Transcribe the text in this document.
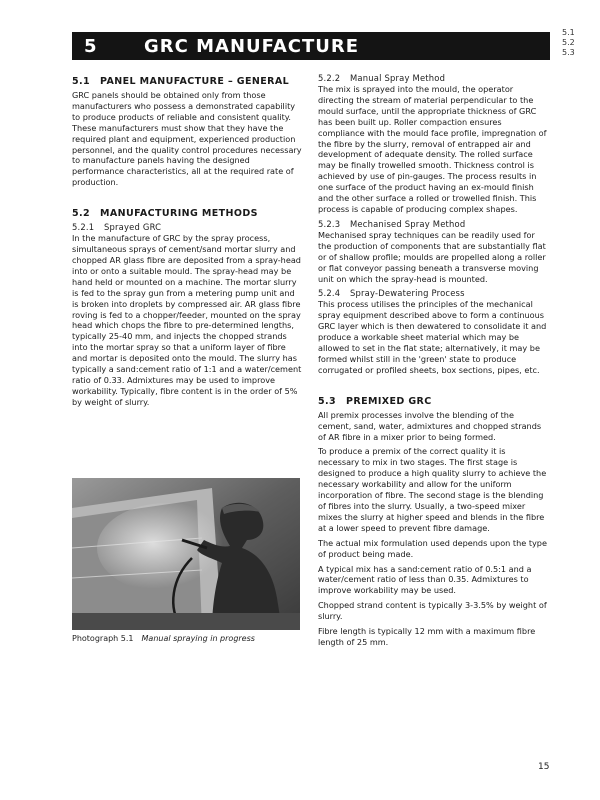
5	GRC MANUFACTURE
5.1
5.2
5.3
5.1 PANEL MANUFACTURE – GENERAL

GRC panels should be obtained only from those manufacturers who possess a demonstrated capability to produce products of reliable and consistent quality. These manufacturers must show that they have the required plant and equipment, experienced production personnel, and the quality control procedures necessary to manufacture panels having the designed performance characteristics, all at the required rate of production.

5.2 MANUFACTURING METHODS
5.2.1 Sprayed GRC

In the manufacture of GRC by the spray process, simultaneous sprays of cement/sand mortar slurry and chopped AR glass fibre are deposited from a spray-head into or onto a suitable mould. The spray-head may be hand held or mounted on a machine. The mortar slurry is fed to the spray gun from a metering pump unit and is broken into droplets by compressed air. AR glass fibre roving is fed to a chopper/feeder, mounted on the spray head which chops the fibre to pre-determined lengths, typically 25-40 mm, and injects the chopped strands into the mortar spray so that a uniform layer of fibre and mortar is deposited onto the mould. The slurry has typically a sand:cement ratio of 1:1 and a water/cement ratio of 0.33. Admixtures may be used to improve workability. Typically, fibre content is in the order of 5% by weight of slurry.

Photograph 5.1 Manual spraying in progress
5.2.2 Manual Spray Method

The mix is sprayed into the mould, the operator directing the stream of material perpendicular to the mould surface, until the appropriate thickness of GRC has been built up. Roller compaction ensures compliance with the mould face profile, impregnation of the fibre by the slurry, removal of entrapped air and development of adequate density. The rolled surface may be finally trowelled smooth. Thickness control is achieved by use of pin-gauges. The process results in one surface of the product having an ex-mould finish and the other surface a rolled or trowelled finish. This process is capable of producing complex shapes.

5.2.3 Mechanised Spray Method

Mechanised spray techniques can be readily used for the production of components that are substantially flat or of shallow profile; moulds are propelled along a roller or flat conveyor passing beneath a transverse moving unit on which the spray-head is mounted.

5.2.4 Spray-Dewatering Process

This process utilises the principles of the mechanical spray equipment described above to form a continuous GRC layer which is then dewatered to consolidate it and produce a workable sheet material which may be allowed to set in the flat state; alternatively, it may be formed whilst still in the 'green' state to produce corrugated or profiled sheets, box sections, pipes, etc.

5.3 PREMIXED GRC

All premix processes involve the blending of the cement, sand, water, admixtures and chopped strands of AR fibre in a mixer prior to being formed.

To produce a premix of the correct quality it is necessary to mix in two stages. The first stage is designed to produce a high quality slurry to achieve the necessary workability and allow for the uniform incorporation of fibre. The second stage is the blending of fibres into the slurry. Usually, a two-speed mixer mixes the slurry at higher speed and blends in the fibre at a lower speed to prevent fibre damage.

The actual mix formulation used depends upon the type of product being made.

A typical mix has a sand:cement ratio of 0.5:1 and a water/cement ratio of less than 0.35. Admixtures to improve workability may be used.

Chopped strand content is typically 3-3.5% by weight of slurry.

Fibre length is typically 12 mm with a maximum fibre length of 25 mm.

15
